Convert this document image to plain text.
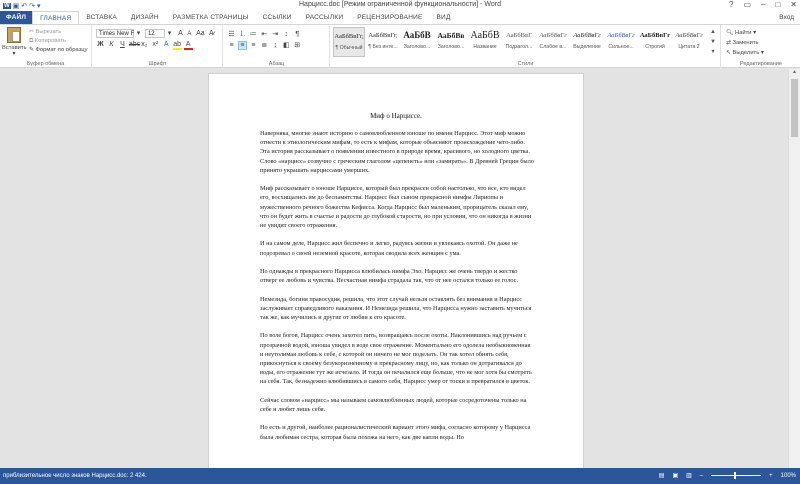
W ▣ ↶ ↷ ▾	Нарцисс.doc [Режим ограниченной функциональности] - Word	? ▭ – □ ✕
ФАЙЛ	ГЛАВНАЯ	ВСТАВКА	ДИЗАЙН	РАЗМЕТКА СТРАНИЦЫ	ССЫЛКИ	РАССЫЛКИ	РЕЦЕНЗИРОВАНИЕ	ВИД	Вход
Вставить
▾
✂ Вырезать
⧉ Копировать
✎ Формат по образцу
Буфер обмена
Times New F ▾ 12 ▾ A A Aa A̷
Ж К Ч abc x₂ x² A ab A
Шрифт
☰ ⒈ ≔ ⇤ ⇥ ↕ ¶
≡ ≡ ≡ ≣ ↨ ◧ ⊞
Абзац
АаБбВвГг,
¶ Обычный
АаБбВвГг,
¶ Без инте...
АаБбВ
Заголово...
АаБбВв
Заголово...
АаБбВ
Название
АаБбВвГ
Подзагол...
АаБбВвГг
Слабое в...
АаБбВвГг
Выделение
АаБбВвГг
Сильное...
АаБбВвГг
Строгий
АаБбВвГг
Цитата 2
▲
▼
▾
Стили
🔍︎ Найти ▾
⇄ Заменить
↖ Выделить ▾
Редактирование
Миф о Нарциссе.

Наверняка, многие знают историю о самовлюбленном юноше по имени Нарцисс. Этот миф можно отнести к этиологическим мифам, то есть к мифам, которые объясняют происхождение чего-либо. Эта история рассказывает о появлении известного в природе время, красивого, но холодного цветка. Слово «нарцисс» созвучно с греческим глаголом «цепенеть» или «замирать». В Древней Греции было принято украшать нарциссами умерших.

Миф рассказывает о юноше Нарциссе, который был прекрасен собой настолько, что все, кто видел его, восхищались им до беспамятства. Нарцисс был сыном прекрасной нимфы Лириопы и мужественного речного божества Кефисса. Когда Нарцисс был маленьким, прорицатель сказал ему, что он будет жить в счастье и радости до глубокой старости, но при условии, что он никогда в жизни не увидит своего отражения.

И на самом деле, Нарцисс жил беспечно и легко, радуясь жизни и увлекаясь охотой. Он даже не подозревал о своей неземной красоте, которая сводила всех женщин с ума.

Но однажды в прекрасного Нарцисса влюбилась нимфа Эхо. Нарцисс же очень твердо и жестко отверг ее любовь и чувства. Несчастная нимфа страдала так, что от нее остался только ее голос.

Немезида, богиня правосудия, решила, что этот случай нельзя оставлять без внимания и Нарцисс заслуживает справедливого наказания. И Немезида решила, что Нарцисса нужно заставить мучиться так же, как мучились и другие от любви к его красоте.

По воле богов, Нарцисс очень захотел пить, возвращаясь после охоты. Наклонившись над ручьем с прозрачной водой, юноша увидел в воде свое отражение. Моментально его одолела необыкновенная и неутолимая любовь к себе, с которой он ничего не мог поделать. Он так хотел обнять себя, прикоснуться к своему безукоризненному и прекрасному лицу, но, как только он дотрагивался до воды, его отражение тут же исчезало. И тогда он печалился еще больше, что не мог хотя бы смотреть на себя. Так, безнадежно влюбившись в самого себя, Нарцисс умер от тоски и превратился в цветок.

Сейчас словом «нарцисс» мы называем самовлюбленных людей, которые сосредоточены только на себе и любят лишь себя.

Но есть и другой, наиболее рационалистический вариант этого мифа, согласно которому у Нарцисса была любимая сестра, которая была похожа на него, как две капли воды. Но

▲
приблизительное число знаков Нарцисс.doc: 2 424.	▤ ▣ ▥ –	+ 100%
